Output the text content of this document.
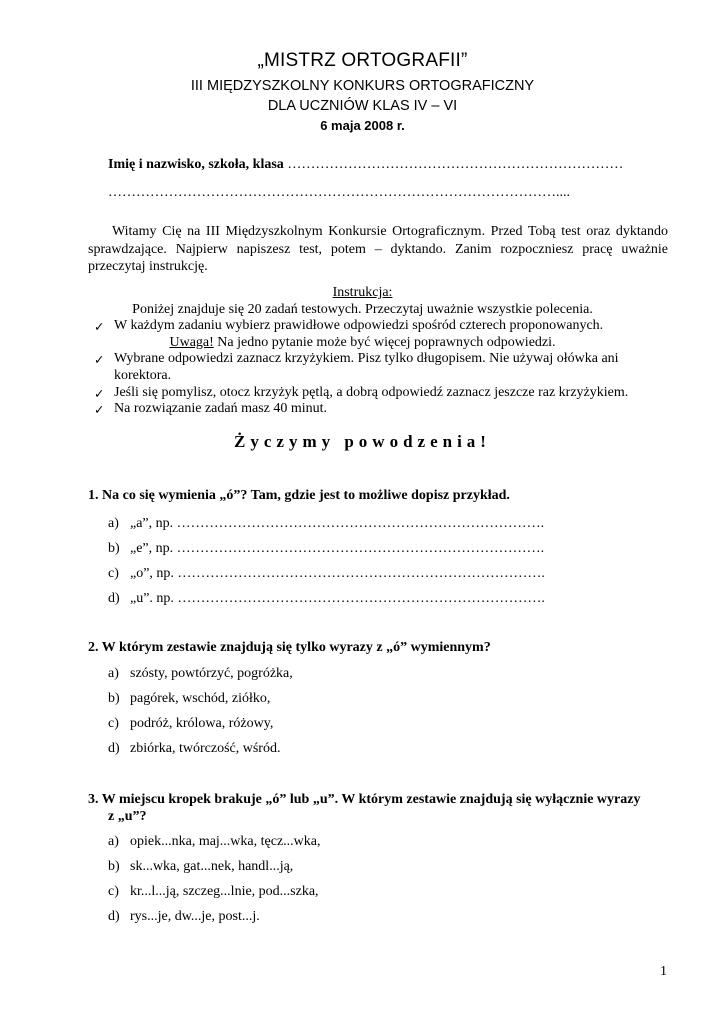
„MISTRZ ORTOGRAFII”
III MIĘDZYSZKOLNY KONKURS ORTOGRAFICZNY
DLA UCZNIÓW KLAS IV – VI
6 maja 2008 r.
Imię i nazwisko, szkoła, klasa ………………………………………………………………
……………………………………………………………………………………....
Witamy Cię na III Międzyszkolnym Konkursie Ortograficznym. Przed Tobą test oraz dyktando sprawdzające. Najpierw napiszesz test, potem – dyktando. Zanim rozpoczniesz pracę uważnie przeczytaj instrukcję.
Instrukcja:
Poniżej znajduje się 20 zadań testowych. Przeczytaj uważnie wszystkie polecenia.
✓ W każdym zadaniu wybierz prawidłowe odpowiedzi spośród czterech proponowanych.
Uwaga! Na jedno pytanie może być więcej poprawnych odpowiedzi.
✓ Wybrane odpowiedzi zaznacz krzyżykiem. Pisz tylko długopisem. Nie używaj ołówka ani
korektora.
✓ Jeśli się pomylisz, otocz krzyżyk pętlą, a dobrą odpowiedź zaznacz jeszcze raz krzyżykiem.
✓ Na rozwiązanie zadań masz 40 minut.
Życzymy powodzenia!
1. Na co się wymienia „ó”? Tam, gdzie jest to możliwe dopisz przykład.
a) „a”, np. …………………………………………………………………….
b) „e”, np. …………………………………………………………………….
c) „o”, np. …………………………………………………………………….
d) „u”. np. …………………………………………………………………….
2. W którym zestawie znajdują się tylko wyrazy z „ó” wymiennym?
a) szósty, powtórzyć, pogróżka,
b) pagórek, wschód, ziółko,
c) podróż, królowa, różowy,
d) zbiórka, twórczość, wśród.
3. W miejscu kropek brakuje „ó” lub „u”. W którym zestawie znajdują się wyłącznie wyrazy
z „u”?
a) opiek...nka, maj...wka, tęcz...wka,
b) sk...wka, gat...nek, handl...ją,
c) kr...l...ją, szczeg...lnie, pod...szka,
d) rys...je, dw...je, post...j.
1
